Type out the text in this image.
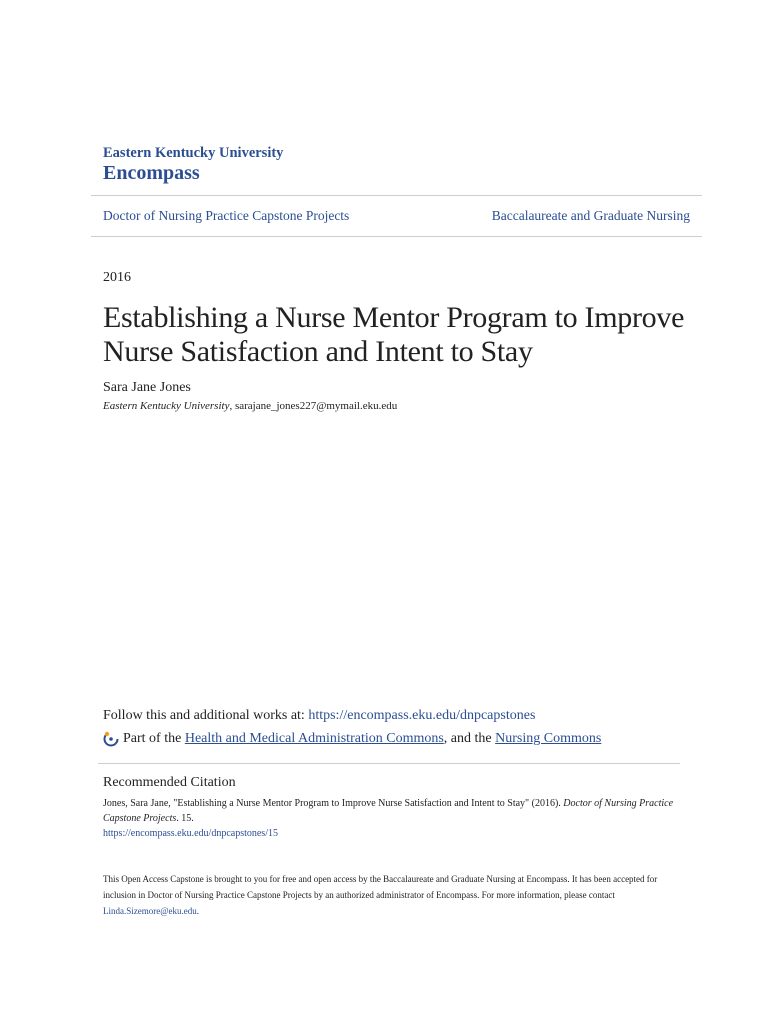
Eastern Kentucky University
Encompass
Doctor of Nursing Practice Capstone Projects	Baccalaureate and Graduate Nursing
2016
Establishing a Nurse Mentor Program to Improve Nurse Satisfaction and Intent to Stay
Sara Jane Jones
Eastern Kentucky University, sarajane_jones227@mymail.eku.edu
Follow this and additional works at: https://encompass.eku.edu/dnpcapstones
Part of the
Health and Medical Administration Commons , and the
Nursing Commons
Recommended Citation
Jones, Sara Jane, "Establishing a Nurse Mentor Program to Improve Nurse Satisfaction and Intent to Stay" (2016). Doctor of Nursing Practice Capstone Projects. 15.
https://encompass.eku.edu/dnpcapstones/15
This Open Access Capstone is brought to you for free and open access by the Baccalaureate and Graduate Nursing at Encompass. It has been accepted for inclusion in Doctor of Nursing Practice Capstone Projects by an authorized administrator of Encompass. For more information, please contact Linda.Sizemore@eku.edu.
